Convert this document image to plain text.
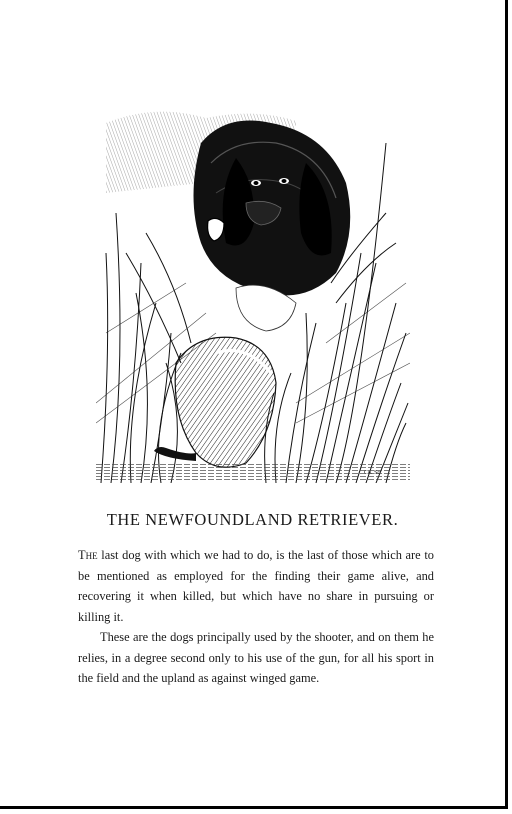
Co. Sc
THE NEWFOUNDLAND RETRIEVER.

The last dog with which we had to do, is the last of those which are to be mentioned as employed for the finding their game alive, and recovering it when killed, but which have no share in pursuing or killing it.

These are the dogs principally used by the shooter, and on them he relies, in a degree second only to his use of the gun, for all his sport in the field and the upland as against winged game.
